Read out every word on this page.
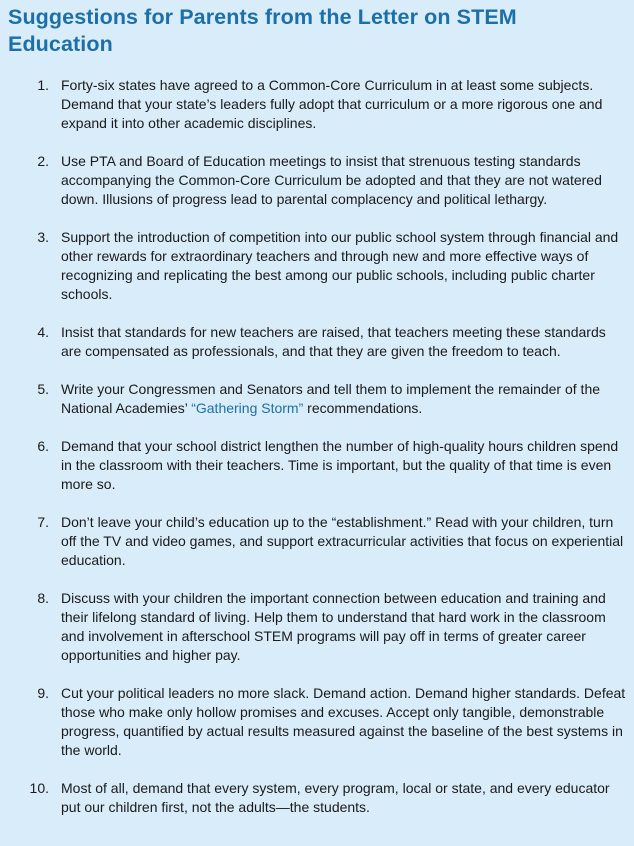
Suggestions for Parents from the Letter on STEM Education
1. Forty-six states have agreed to a Common-Core Curriculum in at least some subjects. Demand that your state’s leaders fully adopt that curriculum or a more rigorous one and expand it into other academic disciplines.
2. Use PTA and Board of Education meetings to insist that strenuous testing standards accompanying the Common-Core Curriculum be adopted and that they are not watered down. Illusions of progress lead to parental complacency and political lethargy.
3. Support the introduction of competition into our public school system through financial and other rewards for extraordinary teachers and through new and more effective ways of recognizing and replicating the best among our public schools, including public charter schools.
4. Insist that standards for new teachers are raised, that teachers meeting these standards are compensated as professionals, and that they are given the freedom to teach.
5. Write your Congressmen and Senators and tell them to implement the remainder of the National Academies’ “Gathering Storm” recommendations.
6. Demand that your school district lengthen the number of high-quality hours children spend in the classroom with their teachers. Time is important, but the quality of that time is even more so.
7. Don’t leave your child’s education up to the “establishment.” Read with your children, turn off the TV and video games, and support extracurricular activities that focus on experiential education.
8. Discuss with your children the important connection between education and training and their lifelong standard of living. Help them to understand that hard work in the classroom and involvement in afterschool STEM programs will pay off in terms of greater career opportunities and higher pay.
9. Cut your political leaders no more slack. Demand action. Demand higher standards. Defeat those who make only hollow promises and excuses. Accept only tangible, demonstrable progress, quantified by actual results measured against the baseline of the best systems in the world.
10. Most of all, demand that every system, every program, local or state, and every educator put our children first, not the adults—the students.
